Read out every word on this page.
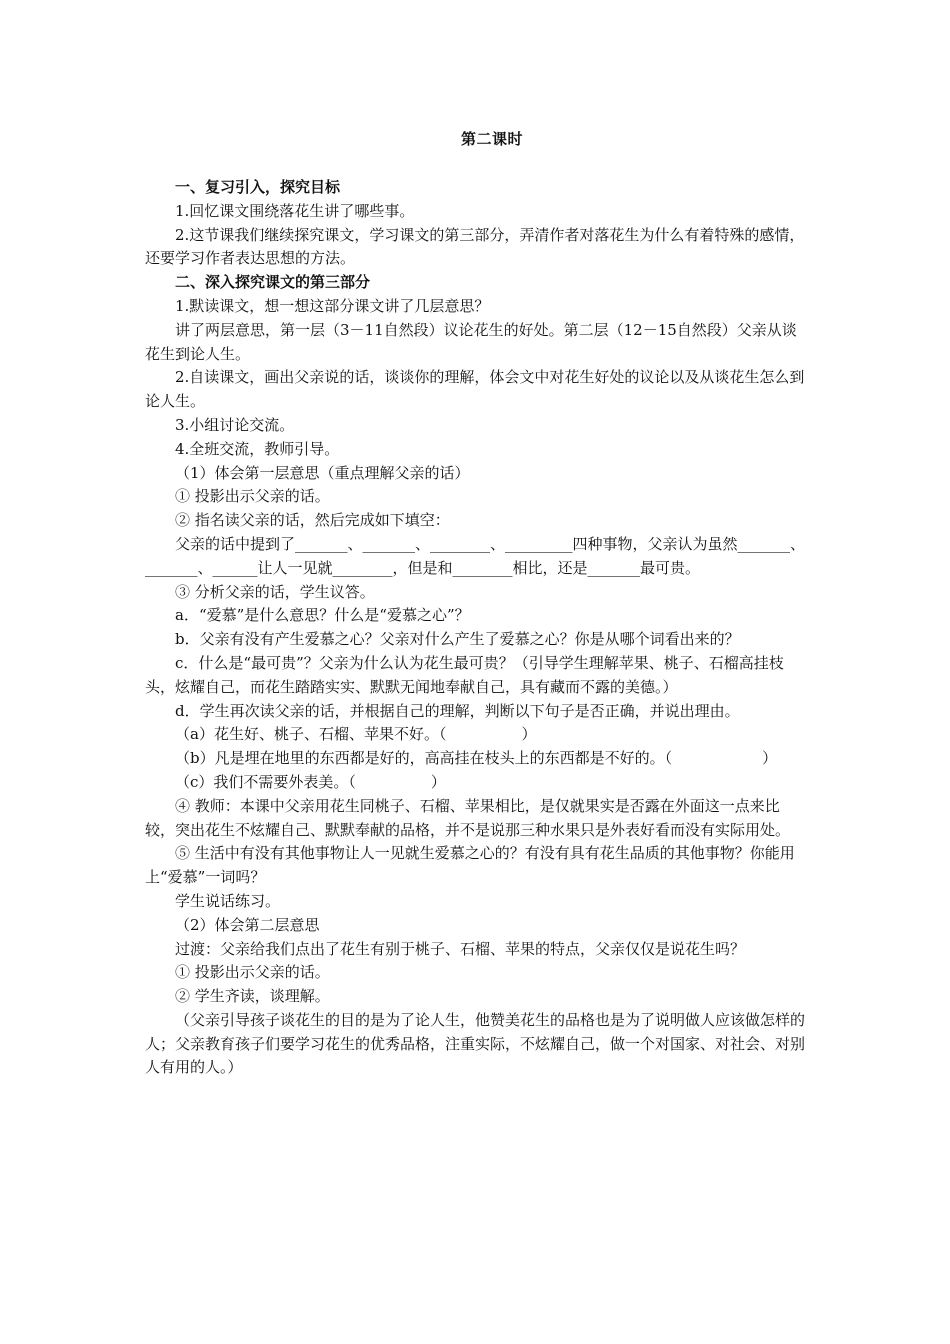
第二课时

一、复习引入，探究目标

1.回忆课文围绕落花生讲了哪些事。

2.这节课我们继续探究课文，学习课文的第三部分，弄清作者对落花生为什么有着特殊的感情，还要学习作者表达思想的方法。

二、深入探究课文的第三部分

1.默读课文，想一想这部分课文讲了几层意思？

讲了两层意思，第一层（3－11自然段）议论花生的好处。第二层（12－15自然段）父亲从谈花生到论人生。

2.自读课文，画出父亲说的话，谈谈你的理解，体会文中对花生好处的议论以及从谈花生怎么到论人生。

3.小组讨论交流。

4.全班交流，教师引导。

（1）体会第一层意思（重点理解父亲的话）

① 投影出示父亲的话。

② 指名读父亲的话，然后完成如下填空：

父亲的话中提到了_______、_______、________、_________四种事物，父亲认为虽然_______、_______、______让人一见就________，但是和________相比，还是_______最可贵。

③ 分析父亲的话，学生议答。

a．“爱慕”是什么意思？什么是“爱慕之心”？

b．父亲有没有产生爱慕之心？父亲对什么产生了爱慕之心？你是从哪个词看出来的？

c．什么是“最可贵”？父亲为什么认为花生最可贵？（引导学生理解苹果、桃子、石榴高挂枝头，炫耀自己，而花生踏踏实实、默默无闻地奉献自己，具有藏而不露的美德。）

d．学生再次读父亲的话，并根据自己的理解，判断以下句子是否正确，并说出理由。

（a）花生好、桃子、石榴、苹果不好。（　　　　　）

（b）凡是埋在地里的东西都是好的，高高挂在枝头上的东西都是不好的。（　　　　　　）

（c）我们不需要外表美。（　　　　　）

④ 教师：本课中父亲用花生同桃子、石榴、苹果相比，是仅就果实是否露在外面这一点来比较，突出花生不炫耀自己、默默奉献的品格，并不是说那三种水果只是外表好看而没有实际用处。

⑤ 生活中有没有其他事物让人一见就生爱慕之心的？有没有具有花生品质的其他事物？你能用上“爱慕”一词吗？

学生说话练习。

（2）体会第二层意思

过渡：父亲给我们点出了花生有别于桃子、石榴、苹果的特点，父亲仅仅是说花生吗？

① 投影出示父亲的话。

② 学生齐读，谈理解。

（父亲引导孩子谈花生的目的是为了论人生，他赞美花生的品格也是为了说明做人应该做怎样的人；父亲教育孩子们要学习花生的优秀品格，注重实际，不炫耀自己，做一个对国家、对社会、对别人有用的人。）
